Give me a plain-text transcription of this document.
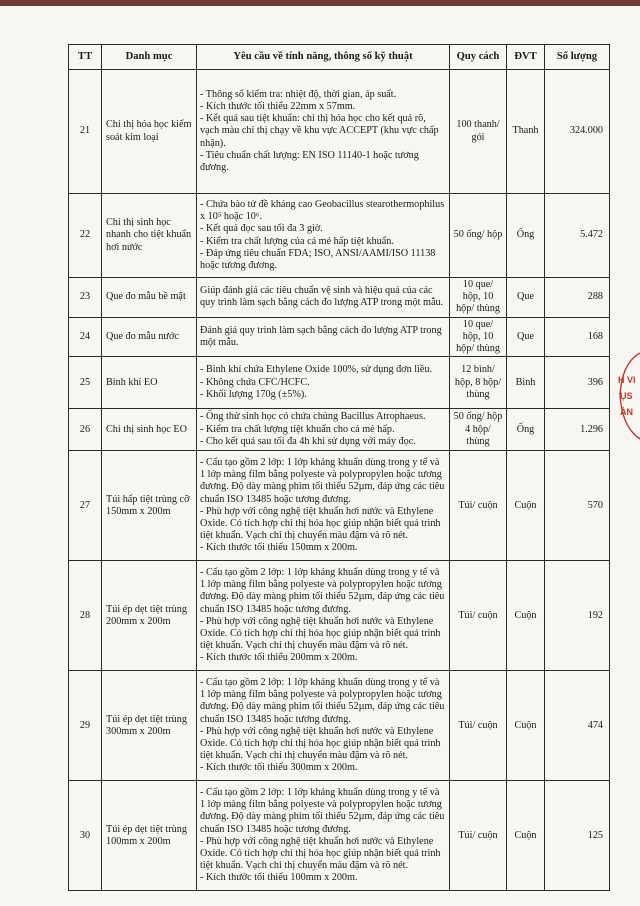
TT	Danh mục	Yêu cầu về tính năng, thông số kỹ thuật	Quy cách	ĐVT	Số lượng
21	Chỉ thị hóa học kiểm soát kim loại	- Thông số kiểm tra: nhiệt độ, thời gian, áp suất.
- Kích thước tối thiểu 22mm x 57mm.
- Kết quả sau tiệt khuẩn: chỉ thị hóa học cho kết quả rõ, vạch màu chỉ thị chạy về khu vực ACCEPT (khu vực chấp nhận).
- Tiêu chuẩn chất lượng: EN ISO 11140-1 hoặc tương đương.	100 thanh/ gói	Thanh	324.000
22	Chỉ thị sinh học nhanh cho tiệt khuẩn hơi nước	- Chứa bào tử đề kháng cao Geobacillus stearothermophilus x 10⁵ hoặc 10⁶.
- Kết quả đọc sau tối đa 3 giờ.
- Kiểm tra chất lượng của cả mẻ hấp tiệt khuẩn.
- Đáp ứng tiêu chuẩn FDA; ISO, ANSI/AAMI/ISO 11138 hoặc tương đương.	50 ống/ hộp	Ống	5.472
23	Que đo mẫu bề mặt	Giúp đánh giá các tiêu chuẩn vệ sinh và hiệu quả của các quy trình làm sạch bằng cách đo lượng ATP trong một mẫu.	10 que/ hộp, 10 hộp/ thùng	Que	288
24	Que đo mẫu nước	Đánh giá quy trình làm sạch bằng cách đo lượng ATP trong một mẫu.	10 que/ hộp, 10 hộp/ thùng	Que	168
25	Bình khí EO	- Bình khí chứa Ethylene Oxide 100%, sử dụng đơn liều.
- Không chứa CFC/HCFC.
- Khối lượng 170g (±5%).	12 bình/ hộp, 8 hộp/ thùng	Bình	396
26	Chỉ thị sinh học EO	- Ống thử sinh học có chứa chủng Bacillus Atrophaeus.
- Kiểm tra chất lượng tiệt khuẩn cho cả mẻ hấp.
- Cho kết quả sau tối đa 4h khi sử dụng với máy đọc.	50 ống/ hộp 4 hộp/ thùng	Ống	1.296
27	Túi hấp tiệt trùng cỡ 150mm x 200m	- Cấu tạo gồm 2 lớp: 1 lớp kháng khuẩn dùng trong y tế và 1 lớp màng film bằng polyeste và polypropylen hoặc tương đương. Độ dày màng phim tối thiểu 52µm, đáp ứng các tiêu chuẩn ISO 13485 hoặc tương đương.
- Phù hợp với công nghệ tiệt khuẩn hơi nước và Ethylene Oxide. Có tích hợp chỉ thị hóa học giúp nhận biết quá trình tiệt khuẩn. Vạch chỉ thị chuyển màu đậm và rõ nét.
- Kích thước tối thiểu 150mm x 200m.	Túi/ cuộn	Cuộn	570
28	Túi ép dẹt tiệt trùng 200mm x 200m	- Cấu tạo gồm 2 lớp: 1 lớp kháng khuẩn dùng trong y tế và 1 lớp màng film bằng polyeste và polypropylen hoặc tương đương. Độ dày màng phim tối thiểu 52µm, đáp ứng các tiêu chuẩn ISO 13485 hoặc tương đương.
- Phù hợp với công nghệ tiệt khuẩn hơi nước và Ethylene Oxide. Có tích hợp chỉ thị hóa học giúp nhận biết quá trình tiệt khuẩn. Vạch chỉ thị chuyển màu đậm và rõ nét.
- Kích thước tối thiểu 200mm x 200m.	Túi/ cuộn	Cuộn	192
29	Túi ép dẹt tiệt trùng 300mm x 200m	- Cấu tạo gồm 2 lớp: 1 lớp kháng khuẩn dùng trong y tế và 1 lớp màng film bằng polyeste và polypropylen hoặc tương đương. Độ dày màng phim tối thiểu 52µm, đáp ứng các tiêu chuẩn ISO 13485 hoặc tương đương.
- Phù hợp với công nghệ tiệt khuẩn hơi nước và Ethylene Oxide. Có tích hợp chỉ thị hóa học giúp nhận biết quá trình tiệt khuẩn. Vạch chỉ thị chuyển màu đậm và rõ nét.
- Kích thước tối thiểu 300mm x 200m.	Túi/ cuộn	Cuộn	474
30	Túi ép dẹt tiệt trùng 100mm x 200m	- Cấu tạo gồm 2 lớp: 1 lớp kháng khuẩn dùng trong y tế và 1 lớp màng film bằng polyeste và polypropylen hoặc tương đương. Độ dày màng phim tối thiểu 52µm, đáp ứng các tiêu chuẩn ISO 13485 hoặc tương đương.
- Phù hợp với công nghệ tiệt khuẩn hơi nước và Ethylene Oxide. Có tích hợp chỉ thị hóa học giúp nhận biết quá trình tiệt khuẩn. Vạch chỉ thị chuyển màu đậm và rõ nét.
- Kích thước tối thiểu 100mm x 200m.	Túi/ cuộn	Cuộn	125
H VI
ỤS
ÀN
